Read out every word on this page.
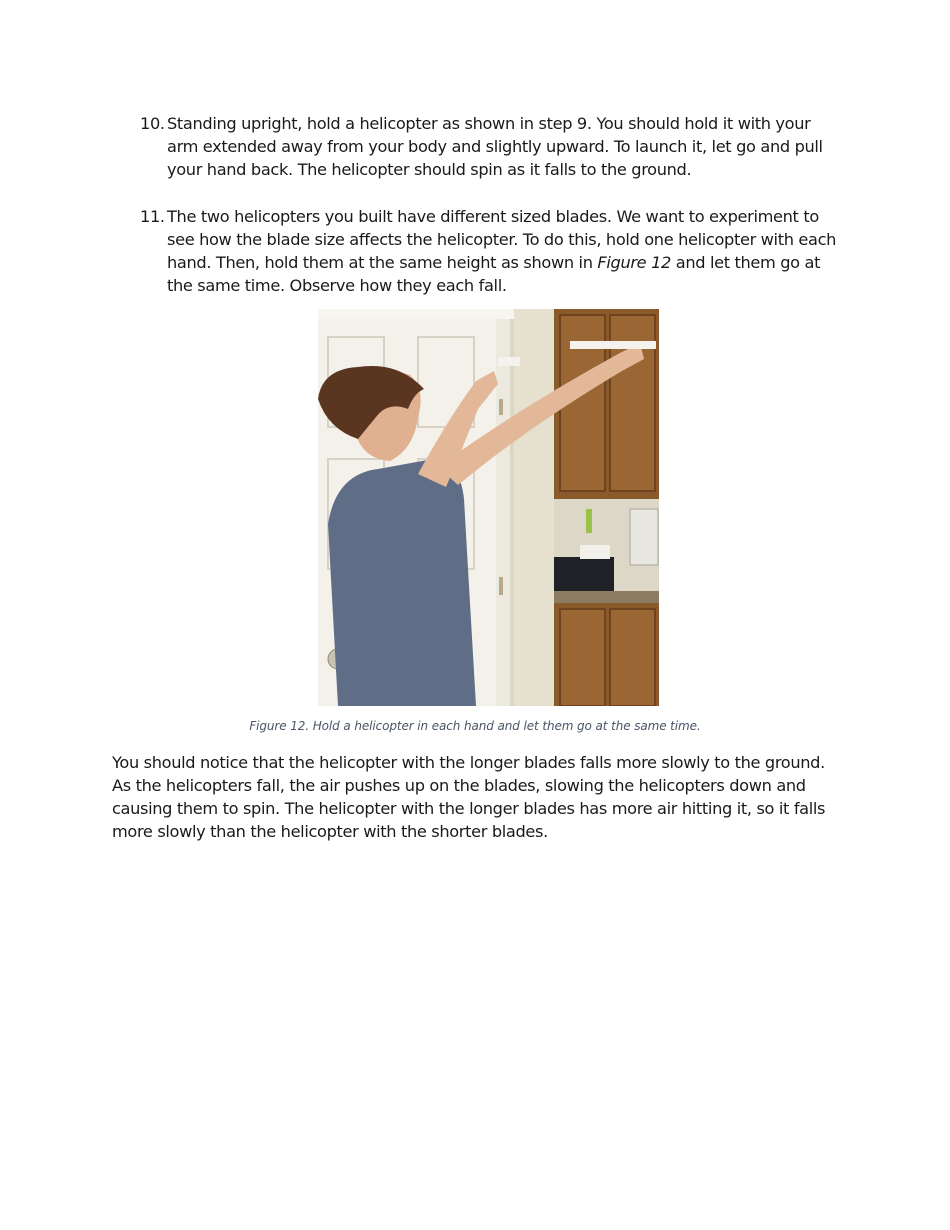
10. Standing upright, hold a helicopter as shown in step 9. You should hold it with your arm extended away from your body and slightly upward. To launch it, let go and pull your hand back. The helicopter should spin as it falls to the ground.
11. The two helicopters you built have different sized blades. We want to experiment to see how the blade size affects the helicopter. To do this, hold one helicopter with each hand. Then, hold them at the same height as shown in Figure 12 and let them go at the same time. Observe how they each fall.
Figure 12. Hold a helicopter in each hand and let them go at the same time.
You should notice that the helicopter with the longer blades falls more slowly to the ground. As the helicopters fall, the air pushes up on the blades, slowing the helicopters down and causing them to spin. The helicopter with the longer blades has more air hitting it, so it falls more slowly than the helicopter with the shorter blades.
